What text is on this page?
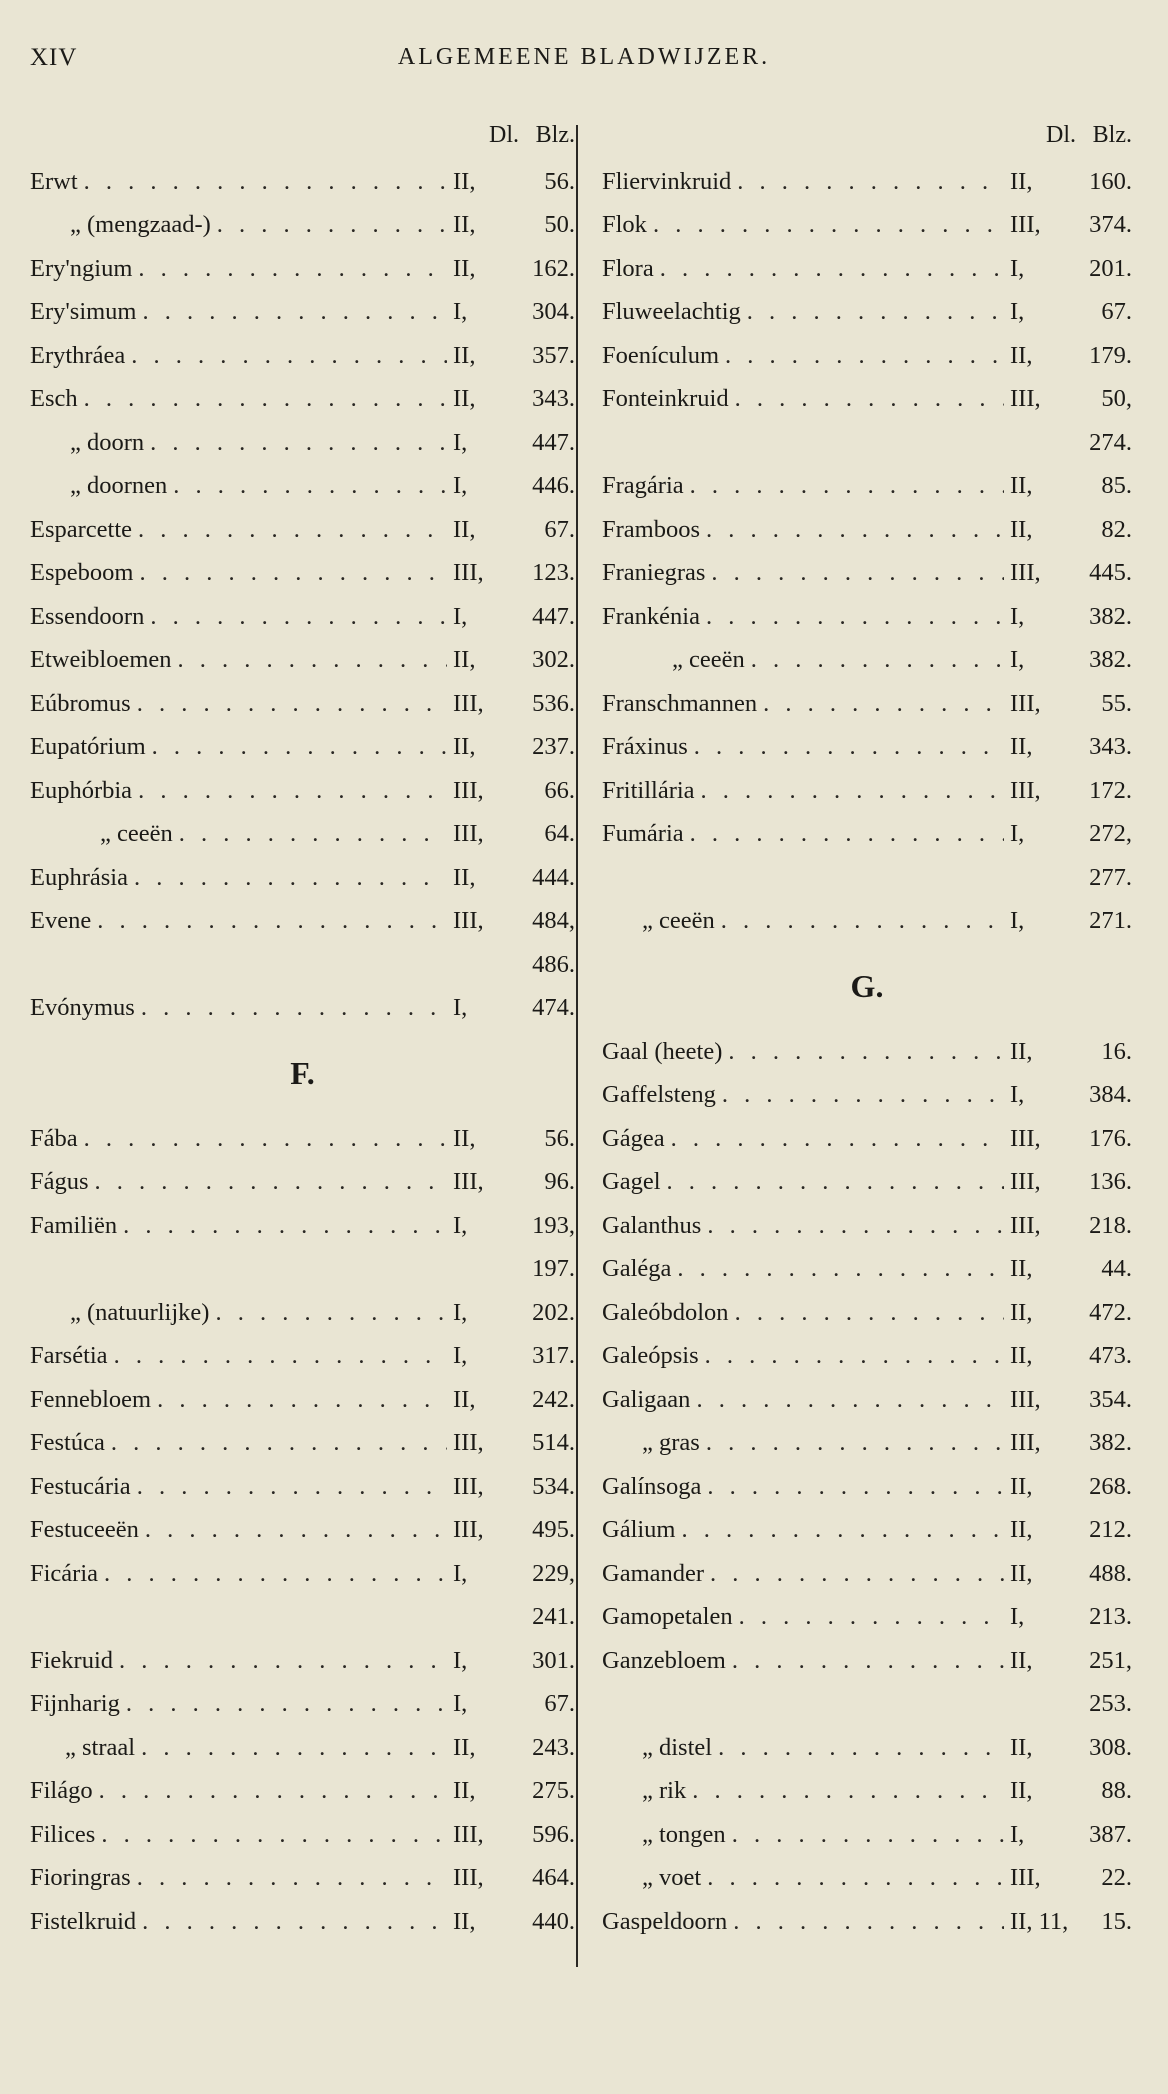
XIV	ALGEMEENE BLADWIJZER.
Dl. Blz.
Erwt . . .	II,	56.
„ (mengzaad-) . . .	II,	50.
Ery'ngium . . .	II,	162.
Ery'simum . . .	I,	304.
Erythráea . . .	II,	357.
Esch . . .	II,	343.
„ doorn . . .	I,	447.
„ doornen . . .	I,	446.
Esparcette . . .	II,	67.
Espeboom . . .	III,	123.
Essendoorn . . .	I,	447.
Etweibloemen . . .	II,	302.
Eúbromus . . .	III,	536.
Eupatórium . . .	II,	237.
Euphórbia . . .	III,	66.
„ ceeën . . .	III,	64.
Euphrásia . . .	II,	444.
Evene . . .	III,	484,
486.
Evónymus . . .	I,	474.
F.
Fába . . .	II,	56.
Fágus . . .	III,	96.
Familiën . . .	I,	193,
197.
„ (natuurlijke) . . .	I,	202.
Farsétia . . .	I,	317.
Fennebloem . . .	II,	242.
Festúca . . .	III,	514.
Festucária . . .	III,	534.
Festuceeën . . .	III,	495.
Ficária . . .	I,	229,
241.
Fiekruid . . .	I,	301.
Fijnharig . . .	I,	67.
„ straal . . .	II,	243.
Filágo . . .	II,	275.
Filices . . .	III,	596.
Fioringras . . .	III,	464.
Fistelkruid . . .	II,	440.
Dl. Blz.
Fliervinkruid . . .	II,	160.
Flok . . .	III,	374.
Flora . . .	I,	201.
Fluweelachtig . . .	I,	67.
Foenículum . . .	II,	179.
Fonteinkruid . . .	III,	50,
274.
Fragária . . .	II,	85.
Framboos . . .	II,	82.
Franiegras . . .	III,	445.
Frankénia . . .	I,	382.
„ ceeën . . .	I,	382.
Franschmannen . . .	III,	55.
Fráxinus . . .	II,	343.
Fritillária . . .	III,	172.
Fumária . . .	I,	272,
277.
„ ceeën . . .	I,	271.
G.
Gaal (heete) . . .	II,	16.
Gaffelsteng . . .	I,	384.
Gágea . . .	III,	176.
Gagel . . .	III,	136.
Galanthus . . .	III,	218.
Galéga . . .	II,	44.
Galeóbdolon . . .	II,	472.
Galeópsis . . .	II,	473.
Galigaan . . .	III,	354.
„ gras . . .	III,	382.
Galínsoga . . .	II,	268.
Gálium . . .	II,	212.
Gamander . . .	II,	488.
Gamopetalen . . .	I,	213.
Ganzebloem . . .	II,	251,
253.
„ distel . . .	II,	308.
„ rik . . .	II,	88.
„ tongen . . .	I,	387.
„ voet . . .	III,	22.
Gaspeldoorn . . .	II, 11,	15.
